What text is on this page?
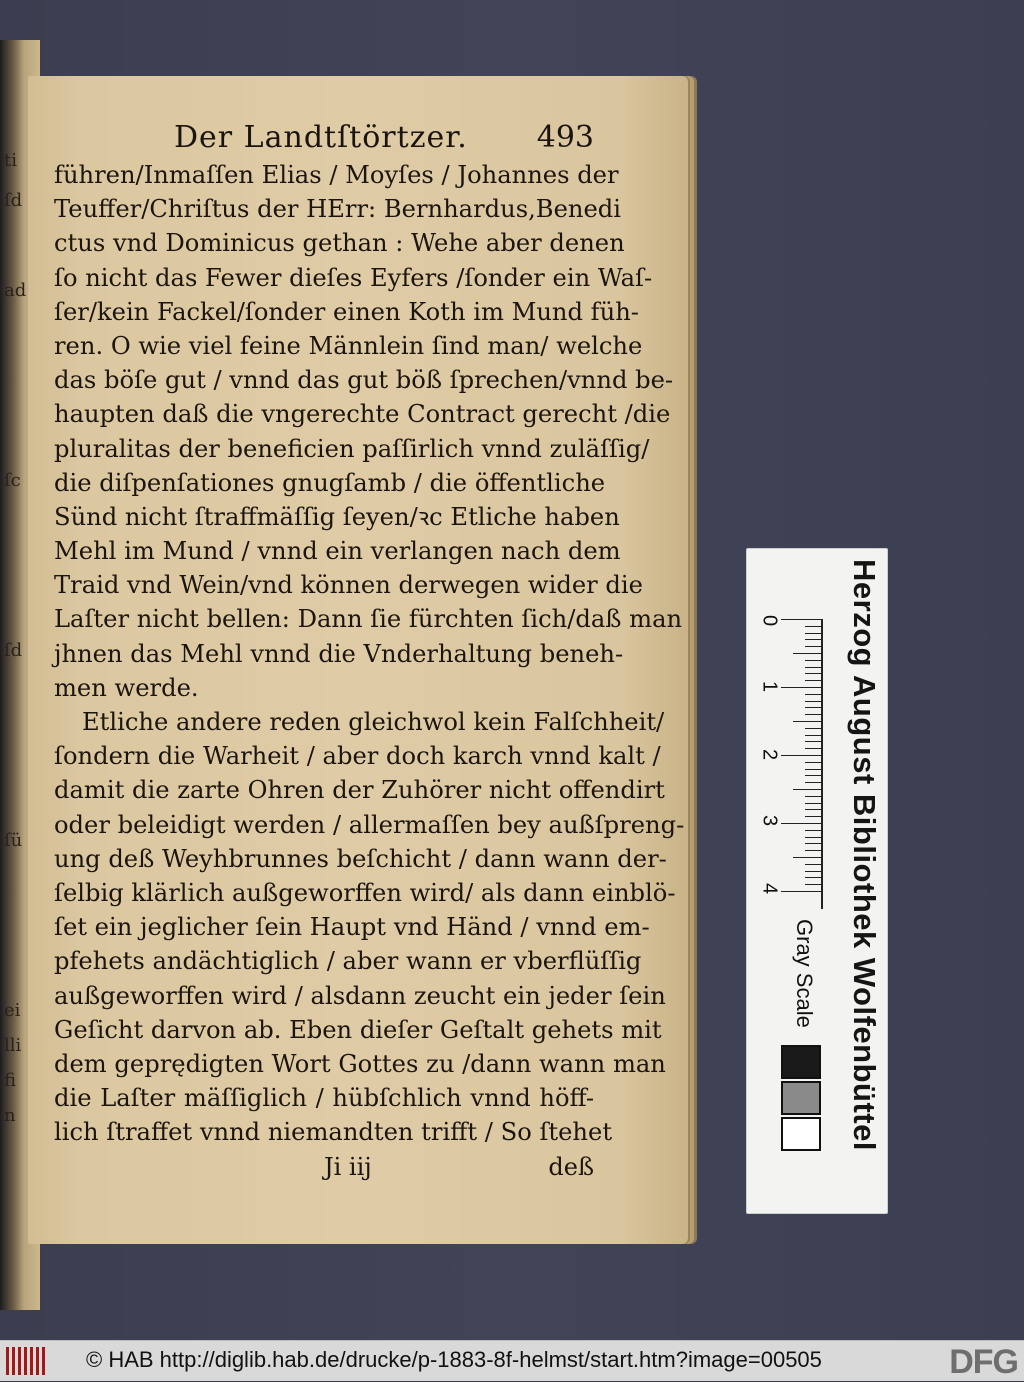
ti
ſd
ad
ſc
ſd
ſü
ei
lli
fi
n
Der Landtſtörtzer. 493
führen/Inmaſſen Elias / Moyſes / Johannes der
Teuffer/Chriſtus der HErr: Bernhardus,Benedi
ctus vnd Dominicus gethan : Wehe aber denen
ſo nicht das Fewer dieſes Eyfers /ſonder ein Waſ-
ſer/kein Fackel/ſonder einen Koth im Mund füh-
ren. O wie viel feine Männlein ſind man/ welche
das böſe gut / vnnd das gut böß ſprechen/vnnd be-
haupten daß die vngerechte Contract gerecht /die
pluralitas der beneficien paſſirlich vnnd zuläſſig/
die diſpenſationes gnugſamb / die öffentliche
Sünd nicht ſtraffmäſſig ſeyen/ꝛc Etliche haben
Mehl im Mund / vnnd ein verlangen nach dem
Traid vnd Wein/vnd können derwegen wider die
Laſter nicht bellen: Dann ſie fürchten ſich/daß man
jhnen das Mehl vnnd die Vnderhaltung beneh-
men werde.
Etliche andere reden gleichwol kein Falſchheit/
ſondern die Warheit / aber doch karch vnnd kalt /
damit die zarte Ohren der Zuhörer nicht offendirt
oder beleidigt werden / allermaſſen bey außſpreng-
ung deß Weyhbrunnes beſchicht / dann wann der-
ſelbig klärlich außgeworffen wird/ als dann einblö-
ſet ein jeglicher ſein Haupt vnd Händ / vnnd em-
pfehets andächtiglich / aber wann er vberflüſſig
außgeworffen wird / alsdann zeucht ein jeder ſein
Geſicht darvon ab. Eben dieſer Geſtalt gehets mit
dem geprędigten Wort Gottes zu /dann wann man
die Laſter mäſſiglich / hübſchlich vnnd höff-
lich ſtraffet vnnd niemandten trifft / So ſtehet
Ji iij	deß
0
1
2
3
4
Gray Scale Herzog August Bibliothek Wolfenbüttel
© HAB http://diglib.hab.de/drucke/p-1883-8f-helmst/start.htm?image=00505	DFG
